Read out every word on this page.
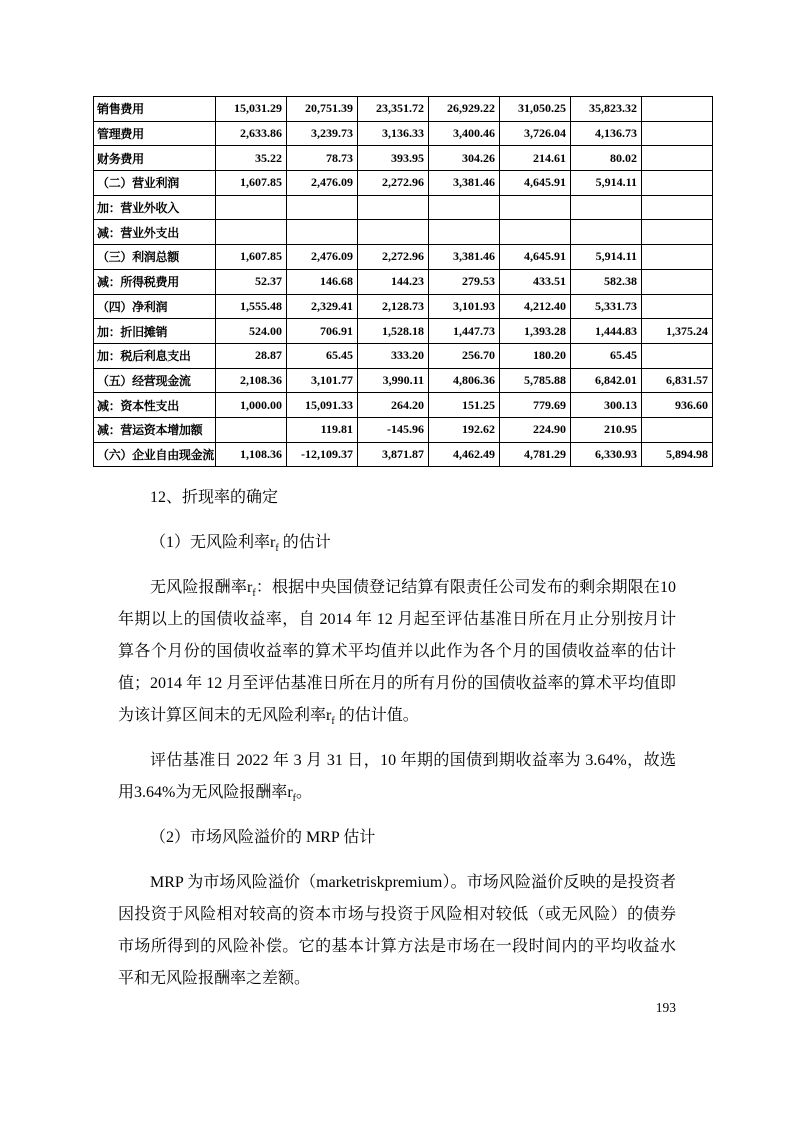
销售费用	15,031.29	20,751.39	23,351.72	26,929.22	31,050.25	35,823.32	
管理费用	2,633.86	3,239.73	3,136.33	3,400.46	3,726.04	4,136.73	
财务费用	35.22	78.73	393.95	304.26	214.61	80.02	
（二）营业利润	1,607.85	2,476.09	2,272.96	3,381.46	4,645.91	5,914.11	
加：营业外收入							
减：营业外支出							
（三）利润总额	1,607.85	2,476.09	2,272.96	3,381.46	4,645.91	5,914.11	
减：所得税费用	52.37	146.68	144.23	279.53	433.51	582.38	
（四）净利润	1,555.48	2,329.41	2,128.73	3,101.93	4,212.40	5,331.73	
加：折旧摊销	524.00	706.91	1,528.18	1,447.73	1,393.28	1,444.83	1,375.24
加：税后利息支出	28.87	65.45	333.20	256.70	180.20	65.45	
（五）经营现金流	2,108.36	3,101.77	3,990.11	4,806.36	5,785.88	6,842.01	6,831.57
减：资本性支出	1,000.00	15,091.33	264.20	151.25	779.69	300.13	936.60
减：营运资本增加额		119.81	-145.96	192.62	224.90	210.95	
（六）企业自由现金流	1,108.36	-12,109.37	3,871.87	4,462.49	4,781.29	6,330.93	5,894.98

12、折现率的确定

（1）无风险利率$r_f$ 的估计

无风险报酬率$r_f$：根据中央国债登记结算有限责任公司发布的剩余期限在10 年期以上的国债收益率，自 2014 年 12 月起至评估基准日所在月止分别按月计算各个月份的国债收益率的算术平均值并以此作为各个月的国债收益率的估计值；2014 年 12 月至评估基准日所在月的所有月份的国债收益率的算术平均值即为该计算区间末的无风险利率$r_f$ 的估计值。

评估基准日 2022 年 3 月 31 日，10 年期的国债到期收益率为 3.64%，故选用3.64%为无风险报酬率$r_f$。

（2）市场风险溢价的 MRP 估计

MRP 为市场风险溢价（marketriskpremium）。市场风险溢价反映的是投资者因投资于风险相对较高的资本市场与投资于风险相对较低（或无风险）的债券市场所得到的风险补偿。它的基本计算方法是市场在一段时间内的平均收益水平和无风险报酬率之差额。

193
